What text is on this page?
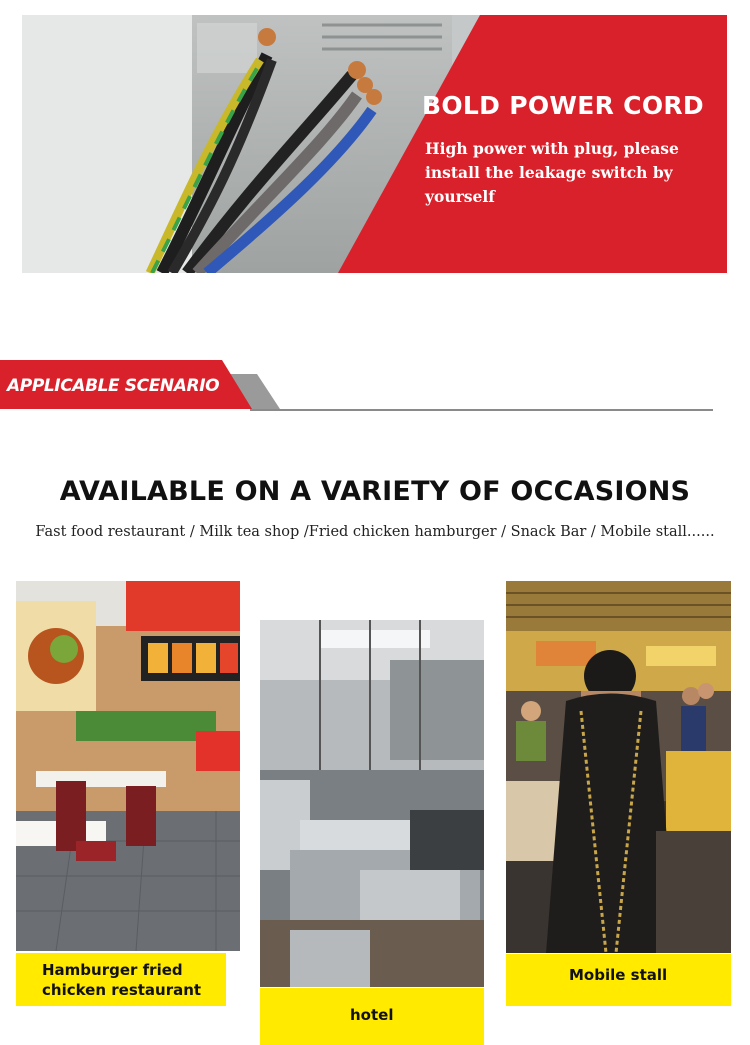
BOLD POWER CORD
High power with plug, please install the leakage switch by yourself
APPLICABLE SCENARIO
AVAILABLE ON A VARIETY OF OCCASIONS
Fast food restaurant / Milk tea shop /Fried chicken hamburger / Snack Bar / Mobile stall......
Hamburger fried chicken restaurant
hotel
Mobile stall
